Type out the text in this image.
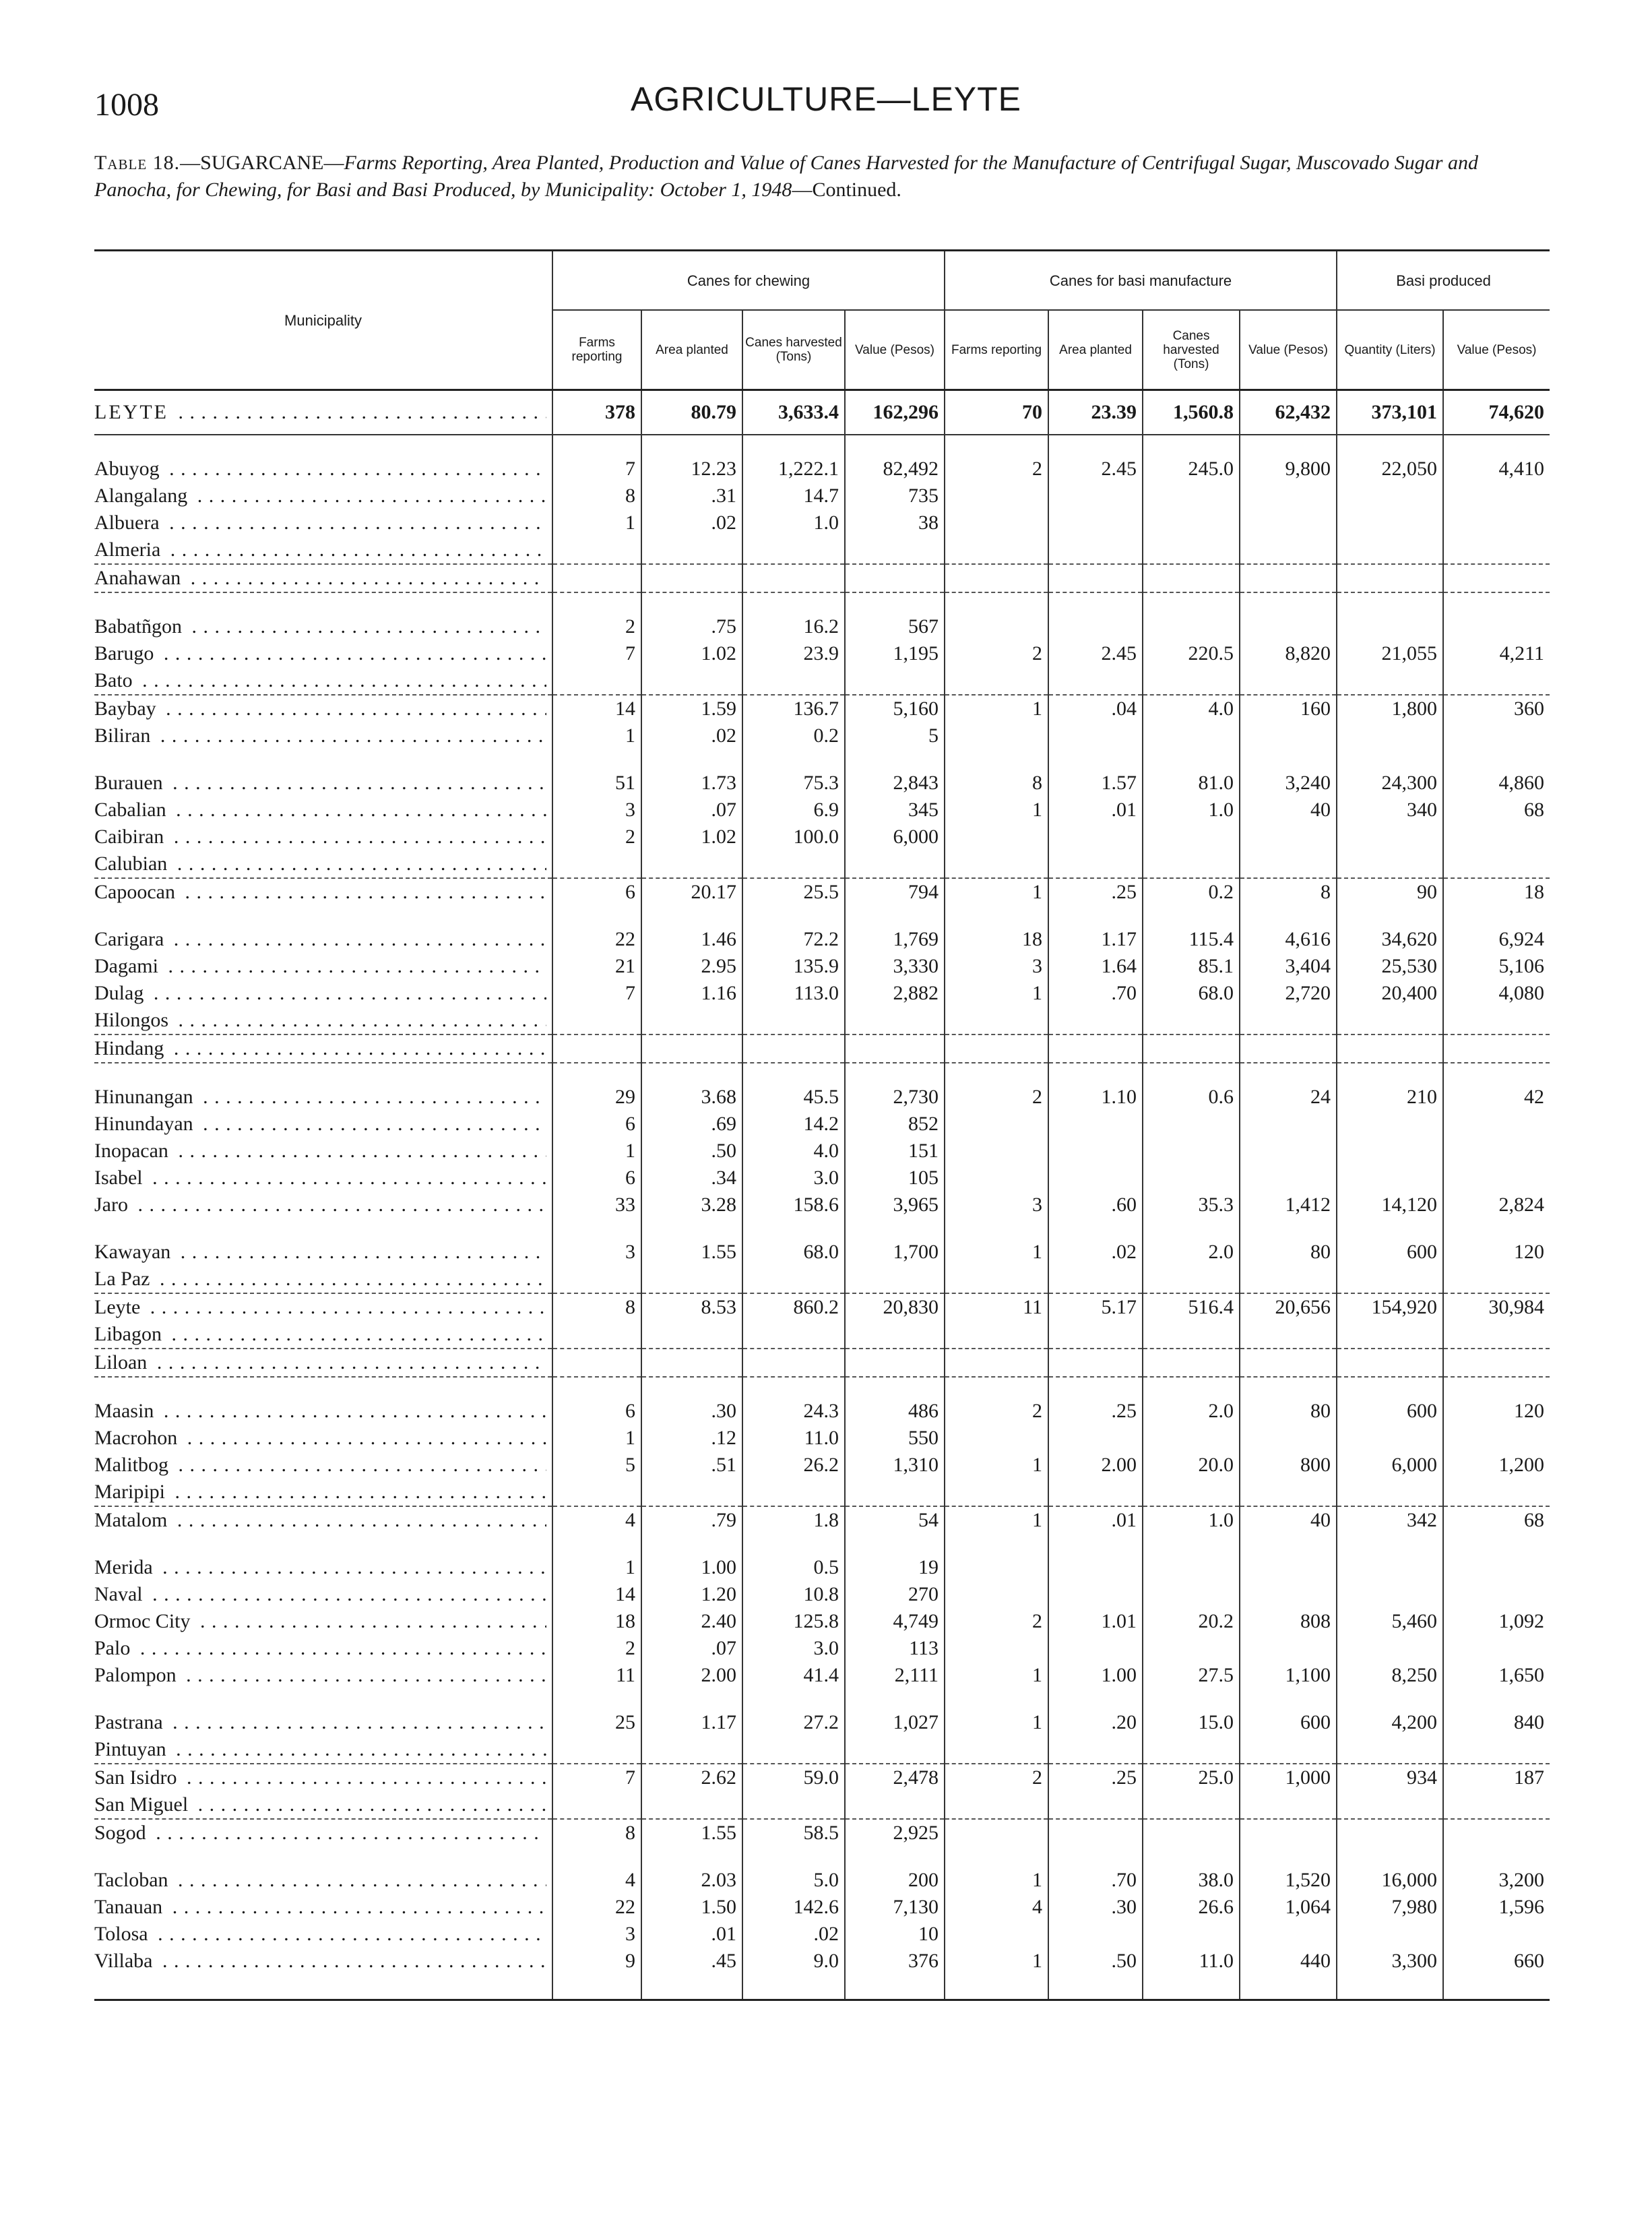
1008	AGRICULTURE—LEYTE
Table 18.—SUGARCANE—Farms Reporting, Area Planted, Production and Value of Canes Harvested for the Manufacture of Centrifugal Sugar, Muscovado Sugar and Panocha, for Chewing, for Basi and Basi Produced, by Municipality: October 1, 1948—Continued.
Municipality	Canes for chewing				Canes for basi manufacture				Basi produced	
	Farms reporting	Area planted	Canes harvested (Tons)	Value (Pesos)	Farms reporting	Area planted	Canes harvested (Tons)	Value (Pesos)	Quantity (Liters)	Value (Pesos)

LEYTE . . .	378	80.79	3,633.4	162,296	70	23.39	1,560.8	62,432	373,101	74,620

Abuyog . . .	7	12.23	1,222.1	82,492	2	2.45	245.0	9,800	22,050	4,410

Alangalang . . .	8	.31	14.7	735						

Albuera . . .	1	.02	1.0	38						

Almeria . . .

Anahawan . . .

Babatñgon . . .	2	.75	16.2	567						

Barugo . . .	7	1.02	23.9	1,195	2	2.45	220.5	8,820	21,055	4,211

Bato . . .

Baybay . . .	14	1.59	136.7	5,160	1	.04	4.0	160	1,800	360

Biliran . . .	1	.02	0.2	5						

Burauen . . .	51	1.73	75.3	2,843	8	1.57	81.0	3,240	24,300	4,860

Cabalian . . .	3	.07	6.9	345	1	.01	1.0	40	340	68

Caibiran . . .	2	1.02	100.0	6,000						

Calubian . . .

Capoocan . . .	6	20.17	25.5	794	1	.25	0.2	8	90	18

Carigara . . .	22	1.46	72.2	1,769	18	1.17	115.4	4,616	34,620	6,924

Dagami . . .	21	2.95	135.9	3,330	3	1.64	85.1	3,404	25,530	5,106

Dulag . . .	7	1.16	113.0	2,882	1	.70	68.0	2,720	20,400	4,080

Hilongos . . .

Hindang . . .

Hinunangan . . .	29	3.68	45.5	2,730	2	1.10	0.6	24	210	42

Hinundayan . . .	6	.69	14.2	852						

Inopacan . . .	1	.50	4.0	151						

Isabel . . .	6	.34	3.0	105						

Jaro . . .	33	3.28	158.6	3,965	3	.60	35.3	1,412	14,120	2,824

Kawayan . . .	3	1.55	68.0	1,700	1	.02	2.0	80	600	120

La Paz . . .

Leyte . . .	8	8.53	860.2	20,830	11	5.17	516.4	20,656	154,920	30,984

Libagon . . .

Liloan . . .

Maasin . . .	6	.30	24.3	486	2	.25	2.0	80	600	120

Macrohon . . .	1	.12	11.0	550						

Malitbog . . .	5	.51	26.2	1,310	1	2.00	20.0	800	6,000	1,200

Maripipi . . .

Matalom . . .	4	.79	1.8	54	1	.01	1.0	40	342	68

Merida . . .	1	1.00	0.5	19						

Naval . . .	14	1.20	10.8	270						

Ormoc City . . .	18	2.40	125.8	4,749	2	1.01	20.2	808	5,460	1,092

Palo . . .	2	.07	3.0	113						

Palompon . . .	11	2.00	41.4	2,111	1	1.00	27.5	1,100	8,250	1,650

Pastrana . . .	25	1.17	27.2	1,027	1	.20	15.0	600	4,200	840

Pintuyan . . .

San Isidro . . .	7	2.62	59.0	2,478	2	.25	25.0	1,000	934	187

San Miguel . . .

Sogod . . .	8	1.55	58.5	2,925						

Tacloban . . .	4	2.03	5.0	200	1	.70	38.0	1,520	16,000	3,200

Tanauan . . .	22	1.50	142.6	7,130	4	.30	26.6	1,064	7,980	1,596

Tolosa . . .	3	.01	.02	10						

Villaba . . .	9	.45	9.0	376	1	.50	11.0	440	3,300	660
